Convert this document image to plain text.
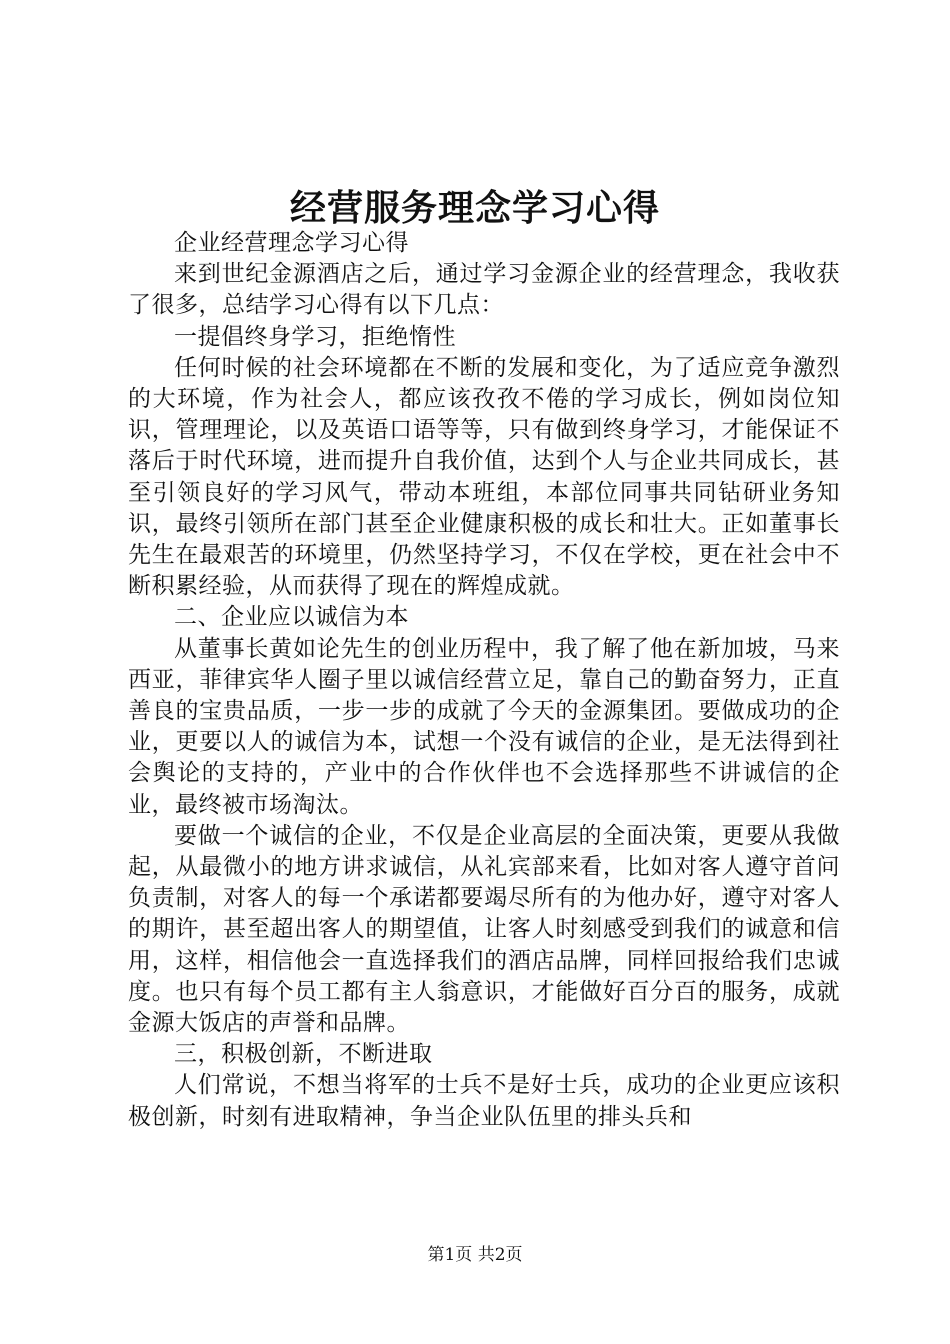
经营服务理念学习心得

企业经营理念学习心得

来到世纪金源酒店之后，通过学习金源企业的经营理念，我收获了很多，总结学习心得有以下几点：

一提倡终身学习，拒绝惰性

任何时候的社会环境都在不断的发展和变化，为了适应竞争激烈的大环境，作为社会人，都应该孜孜不倦的学习成长，例如岗位知识，管理理论，以及英语口语等等，只有做到终身学习，才能保证不落后于时代环境，进而提升自我价值，达到个人与企业共同成长，甚至引领良好的学习风气，带动本班组，本部位同事共同钻研业务知识，最终引领所在部门甚至企业健康积极的成长和壮大。正如董事长先生在最艰苦的环境里，仍然坚持学习，不仅在学校，更在社会中不断积累经验，从而获得了现在的辉煌成就。

二、企业应以诚信为本

从董事长黄如论先生的创业历程中，我了解了他在新加坡，马来西亚，菲律宾华人圈子里以诚信经营立足，靠自己的勤奋努力，正直善良的宝贵品质，一步一步的成就了今天的金源集团。要做成功的企业，更要以人的诚信为本，试想一个没有诚信的企业，是无法得到社会舆论的支持的，产业中的合作伙伴也不会选择那些不讲诚信的企业，最终被市场淘汰。

要做一个诚信的企业，不仅是企业高层的全面决策，更要从我做起，从最微小的地方讲求诚信，从礼宾部来看，比如对客人遵守首问负责制，对客人的每一个承诺都要竭尽所有的为他办好，遵守对客人的期许，甚至超出客人的期望值，让客人时刻感受到我们的诚意和信用，这样，相信他会一直选择我们的酒店品牌，同样回报给我们忠诚度。也只有每个员工都有主人翁意识，才能做好百分百的服务，成就金源大饭店的声誉和品牌。

三，积极创新，不断进取

人们常说，不想当将军的士兵不是好士兵，成功的企业更应该积极创新，时刻有进取精神，争当企业队伍里的排头兵和

第1页 共2页
